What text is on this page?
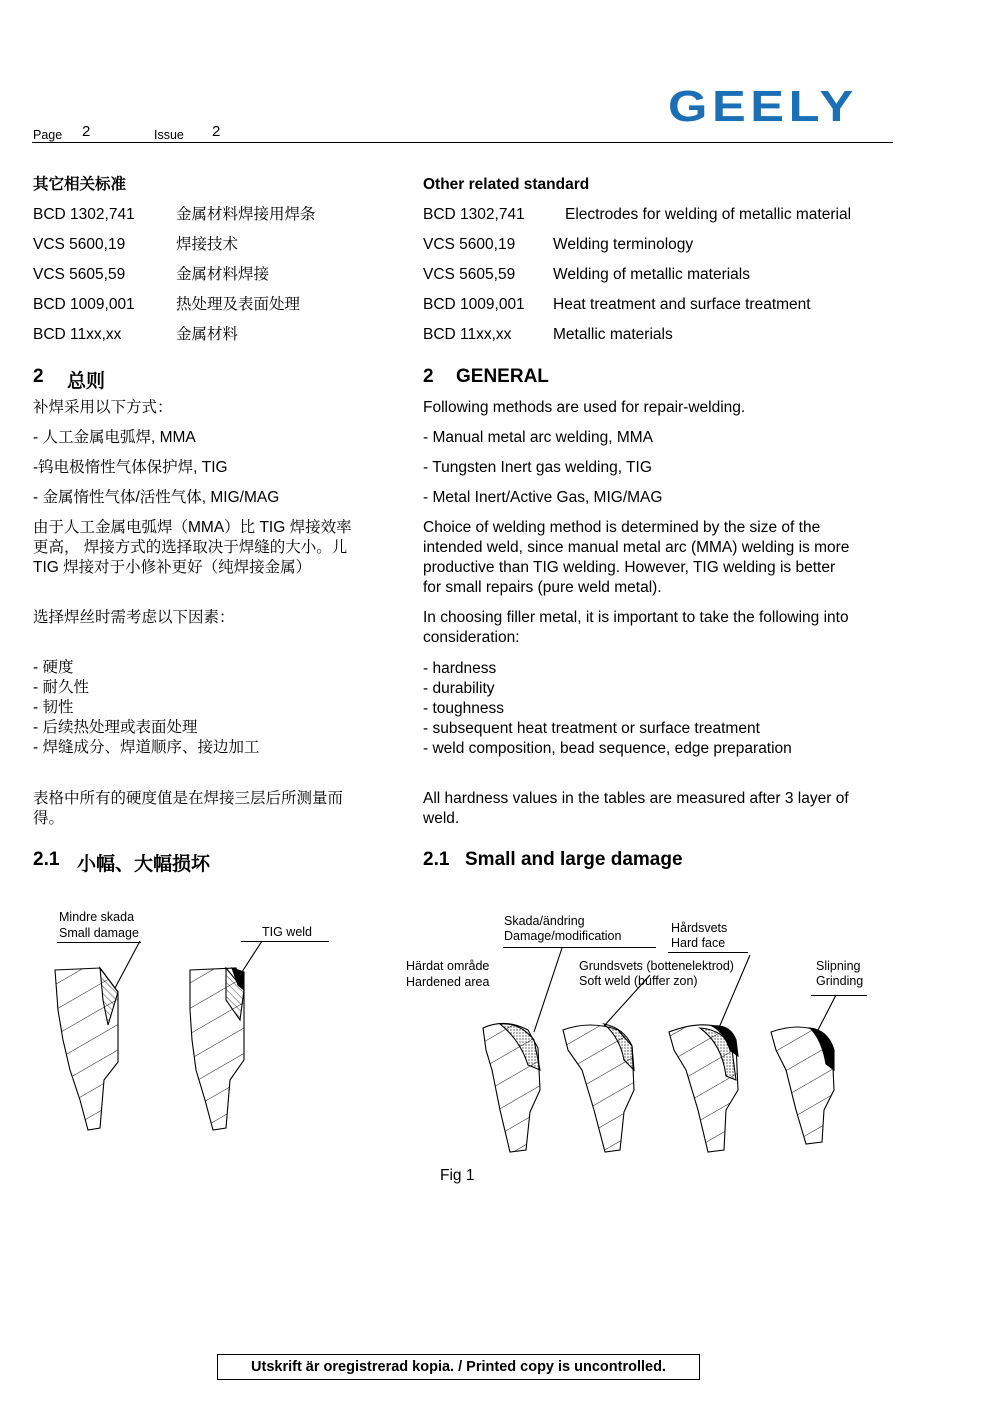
Page 2	Issue 2
GEELY
其它相关标准
BCD 1302,741	金属材料焊接用焊条
VCS 5600,19	焊接技术
VCS 5605,59	金属材料焊接
BCD 1009,001	热处理及表面处理
BCD 11xx,xx	金属材料
2 总则
补焊采用以下方式：
- 人工金属电弧焊, MMA
-钨电极惰性气体保护焊, TIG
- 金属惰性气体/活性气体, MIG/MAG
由于人工金属电弧焊（MMA）比 TIG 焊接效率
更高， 焊接方式的选择取决于焊缝的大小。儿
TIG 焊接对于小修补更好（纯焊接金属）
选择焊丝时需考虑以下因素：
- 硬度
- 耐久性
- 韧性
- 后续热处理或表面处理
- 焊缝成分、焊道顺序、接边加工
表格中所有的硬度值是在焊接三层后所测量而
得。
2.1 小幅、大幅损坏
Other related standard
BCD 1302,741	Electrodes for welding of metallic material
VCS 5600,19 Welding terminology
VCS 5605,59 Welding of metallic materials
BCD 1009,001 Heat treatment and surface treatment
BCD 11xx,xx	Metallic materials
2 GENERAL
Following methods are used for repair-welding.
- Manual metal arc welding, MMA
- Tungsten Inert gas welding, TIG
- Metal Inert/Active Gas, MIG/MAG
Choice of welding method is determined by the size of the
intended weld, since manual metal arc (MMA) welding is more
productive than TIG welding. However, TIG welding is better
for small repairs (pure weld metal).
In choosing filler metal, it is important to take the following into
consideration:
- hardness
- durability
- toughness
- subsequent heat treatment or surface treatment
- weld composition, bead sequence, edge preparation
All hardness values in the tables are measured after 3 layer of
weld.
2.1 Small and large damage
Mindre skada
Small damage	TIG weld
Skada/ändring
Damage/modification
Hårdsvets
Hard face
Härdat område
Hardened area
Grundsvets (bottenelektrod)
Soft weld (buffer zon)
Slipning
Grinding
Fig 1
Utskrift är oregistrerad kopia. / Printed copy is uncontrolled.
